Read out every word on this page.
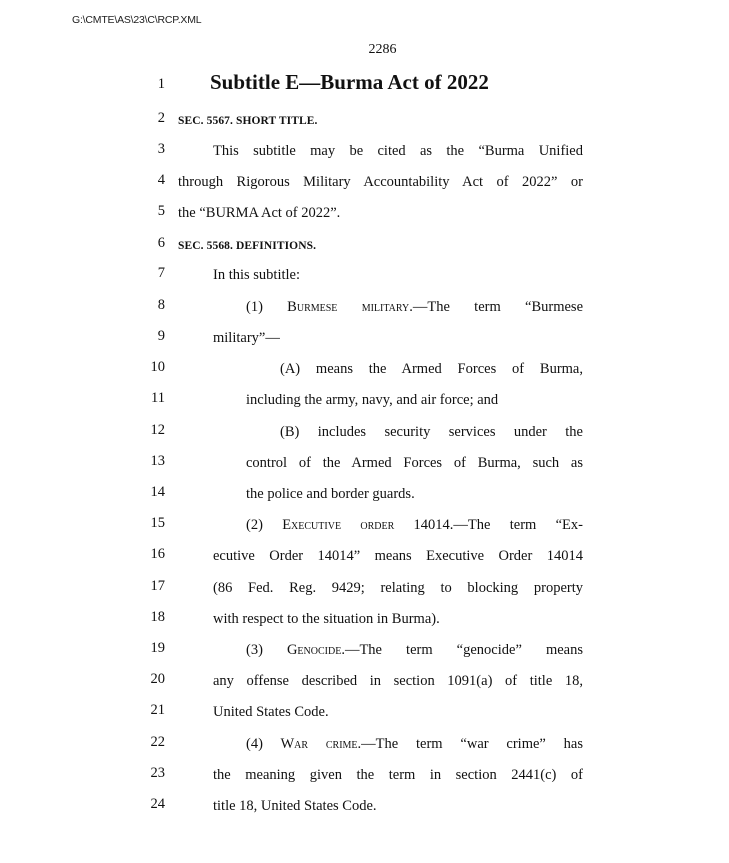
G:\CMTE\AS\23\C\RCP.XML
2286
1 Subtitle E—Burma Act of 2022
2 SEC. 5567. SHORT TITLE.
3	This subtitle may be cited as the “Burma Unified
4 through Rigorous Military Accountability Act of 2022” or
5 the “BURMA Act of 2022”.
6 SEC. 5568. DEFINITIONS.
7	In this subtitle:
8	(1) Burmese military.—The term “Burmese
9	military”—
10	(A) means the Armed Forces of Burma,
11	including the army, navy, and air force; and
12	(B) includes security services under the
13	control of the Armed Forces of Burma, such as
14	the police and border guards.
15	(2) Executive order 14014.—The term “Ex-
16	ecutive Order 14014” means Executive Order 14014
17	(86 Fed. Reg. 9429; relating to blocking property
18	with respect to the situation in Burma).
19	(3) Genocide.—The term “genocide” means
20	any offense described in section 1091(a) of title 18,
21	United States Code.
22	(4) War crime.—The term “war crime” has
23	the meaning given the term in section 2441(c) of
24	title 18, United States Code.
